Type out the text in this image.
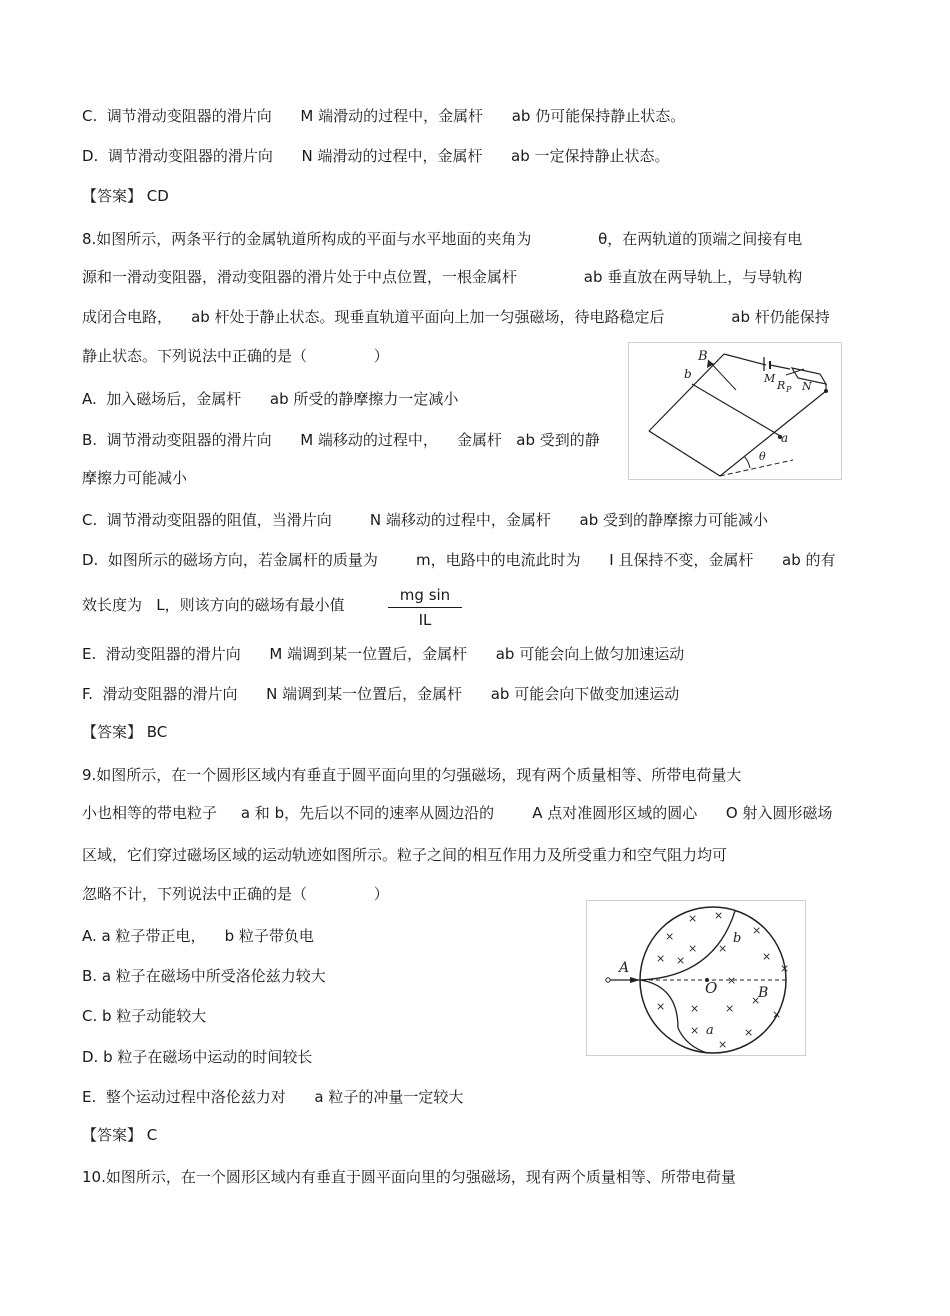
C.  调节滑动变阻器的滑片向      M 端滑动的过程中，金属杆      ab 仍可能保持静止状态。
D.  调节滑动变阻器的滑片向      N 端滑动的过程中，金属杆      ab 一定保持静止状态。
【答案】 CD
8.如图所示，两条平行的金属轨道所构成的平面与水平地面的夹角为              θ，在两轨道的顶端之间接有电
源和一滑动变阻器，滑动变阻器的滑片处于中点位置，一根金属杆              ab 垂直放在两导轨上，与导轨构
成闭合电路，    ab 杆处于静止状态。现垂直轨道平面向上加一匀强磁场，待电路稳定后              ab 杆仍能保持
静止状态。下列说法中正确的是（              ）
A.  加入磁场后，金属杆      ab 所受的静摩擦力一定减小
B.  调节滑动变阻器的滑片向      M 端移动的过程中，    金属杆   ab 受到的静
摩擦力可能减小
C.  调节滑动变阻器的阻值，当滑片向        N 端移动的过程中，金属杆      ab 受到的静摩擦力可能减小
D.  如图所示的磁场方向，若金属杆的质量为        m，电路中的电流此时为      I 且保持不变，金属杆      ab 的有
效长度为   L，则该方向的磁场有最小值	$\frac{\text{mg sin}}{IL}$
E.  滑动变阻器的滑片向      M 端调到某一位置后，金属杆      ab 可能会向上做匀加速运动
F.  滑动变阻器的滑片向      N 端调到某一位置后，金属杆      ab 可能会向下做变加速运动
【答案】 BC
9.如图所示，在一个圆形区域内有垂直于圆平面向里的匀强磁场，现有两个质量相等、所带电荷量大
小也相等的带电粒子     a 和 b，先后以不同的速率从圆边沿的        A 点对准圆形区域的圆心      O 射入圆形磁场
区域，它们穿过磁场区域的运动轨迹如图所示。粒子之间的相互作用力及所受重力和空气阻力均可
忽略不计，下列说法中正确的是（              ）
A. a 粒子带正电，    b 粒子带负电
B. a 粒子在磁场中所受洛伦兹力较大
C. b 粒子动能较大
D. b 粒子在磁场中运动的时间较长
E.  整个运动过程中洛伦兹力对      a 粒子的冲量一定较大
【答案】 C
10.如图所示，在一个圆形区域内有垂直于圆平面向里的匀强磁场，现有两个质量相等、所带电荷量
B
b	M
R P N
a
θ
A
O	B
b
a
× ×
×
× ×
×
× ×	×
×
×
× × ×
×
×
×	×
×
